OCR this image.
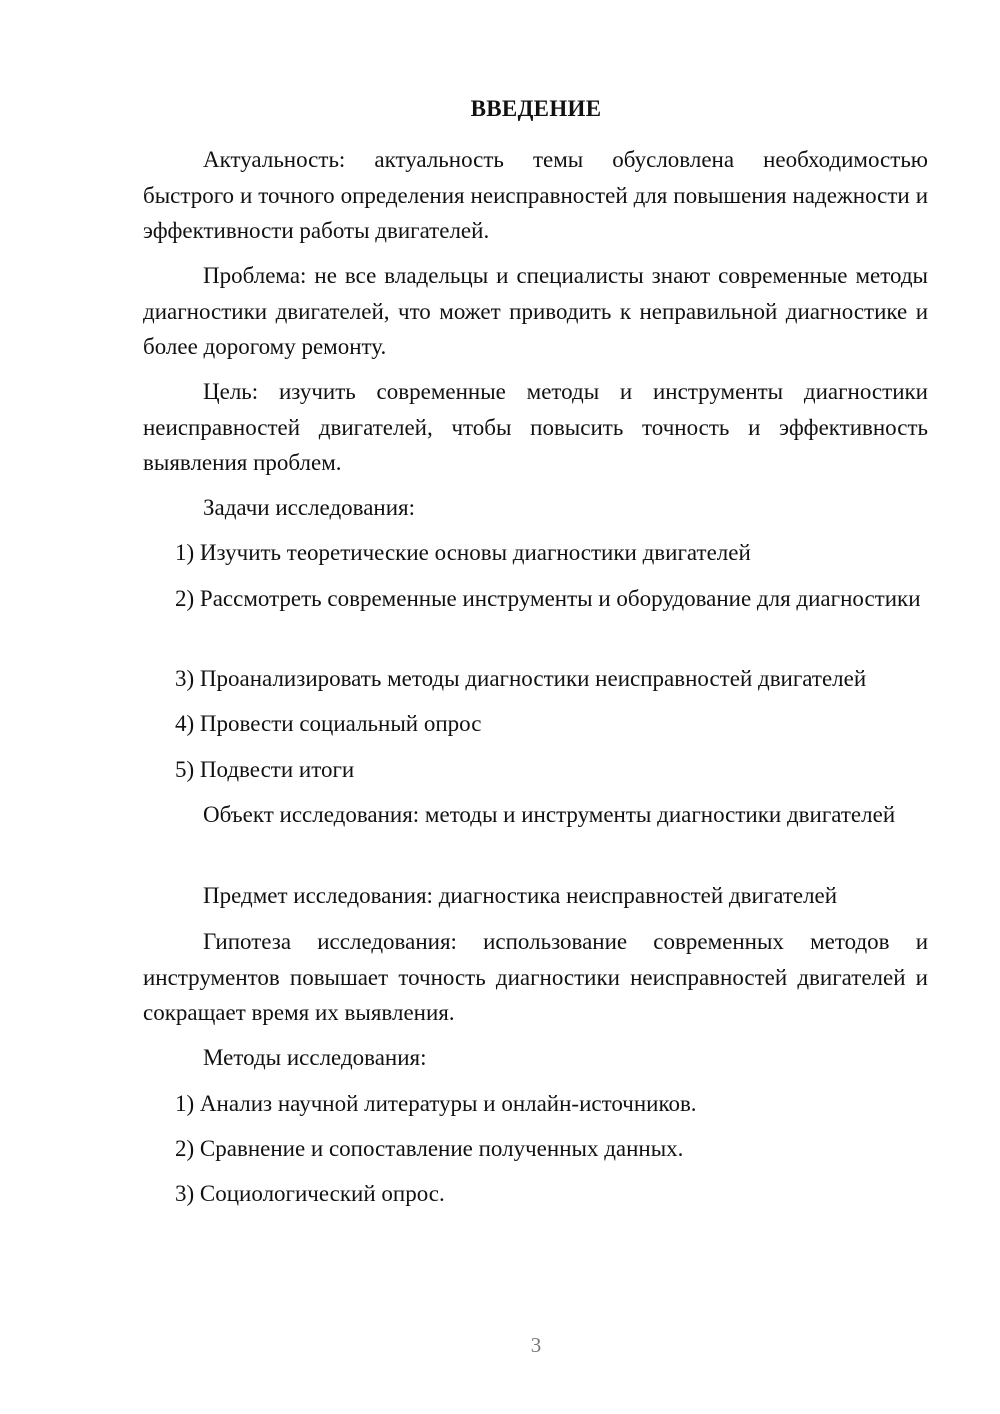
ВВЕДЕНИЕ
Актуальность: актуальность темы обусловлена необходимостью быстрого и точного определения неисправностей для повышения надежности и эффективности работы двигателей.
Проблема: не все владельцы и специалисты знают современные методы диагностики двигателей, что может приводить к неправильной диагностике и более дорогому ремонту.
Цель: изучить современные методы и инструменты диагностики неисправностей двигателей, чтобы повысить точность и эффективность выявления проблем.
Задачи исследования:
1) Изучить теоретические основы диагностики двигателей
2) Рассмотреть современные инструменты и оборудование для диагностики
3) Проанализировать методы диагностики неисправностей двигателей
4) Провести социальный опрос
5) Подвести итоги
Объект исследования: методы и инструменты диагностики двигателей
Предмет исследования: диагностика неисправностей двигателей
Гипотеза исследования: использование современных методов и инструментов повышает точность диагностики неисправностей двигателей и сокращает время их выявления.
Методы исследования:
1) Анализ научной литературы и онлайн-источников.
2) Сравнение и сопоставление полученных данных.
3) Социологический опрос.
3
